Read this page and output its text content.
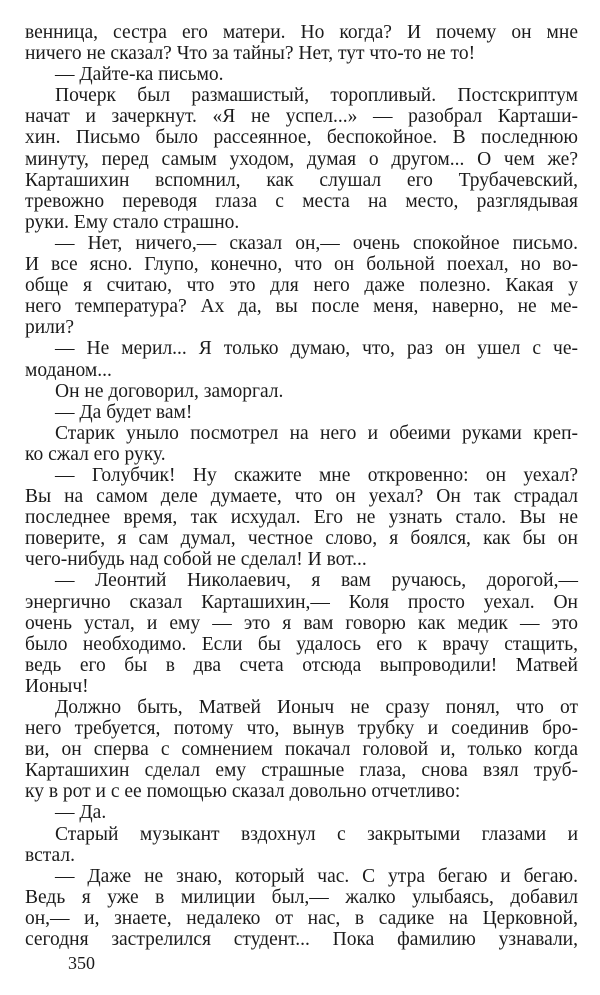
венница, сестра его матери. Но когда? И почему он мне
ничего не сказал? Что за тайны? Нет, тут что-то не то!
— Дайте-ка письмо.
Почерк был размашистый, торопливый. Постскриптум
начат и зачеркнут. «Я не успел...» — разобрал Карташи-
хин. Письмо было рассеянное, беспокойное. В последнюю
минуту, перед самым уходом, думая о другом... О чем же?
Карташихин вспомнил, как слушал его Трубачевский,
тревожно переводя глаза с места на место, разглядывая
руки. Ему стало страшно.
— Нет, ничего,— сказал он,— очень спокойное письмо.
И все ясно. Глупо, конечно, что он больной поехал, но во-
обще я считаю, что это для него даже полезно. Какая у
него температура? Ах да, вы после меня, наверно, не ме-
рили?
— Не мерил... Я только думаю, что, раз он ушел с че-
моданом...
Он не договорил, заморгал.
— Да будет вам!
Старик уныло посмотрел на него и обеими руками креп-
ко сжал его руку.
— Голубчик! Ну скажите мне откровенно: он уехал?
Вы на самом деле думаете, что он уехал? Он так страдал
последнее время, так исхудал. Его не узнать стало. Вы не
поверите, я сам думал, честное слово, я боялся, как бы он
чего-нибудь над собой не сделал! И вот...
— Леонтий Николаевич, я вам ручаюсь, дорогой,—
энергично сказал Карташихин,— Коля просто уехал. Он
очень устал, и ему — это я вам говорю как медик — это
было необходимо. Если бы удалось его к врачу стащить,
ведь его бы в два счета отсюда выпроводили! Матвей
Ионыч!
Должно быть, Матвей Ионыч не сразу понял, что от
него требуется, потому что, вынув трубку и соединив бро-
ви, он сперва с сомнением покачал головой и, только когда
Карташихин сделал ему страшные глаза, снова взял труб-
ку в рот и с ее помощью сказал довольно отчетливо:
— Да.
Старый музыкант вздохнул с закрытыми глазами и
встал.
— Даже не знаю, который час. С утра бегаю и бегаю.
Ведь я уже в милиции был,— жалко улыбаясь, добавил
он,— и, знаете, недалеко от нас, в садике на Церковной,
сегодня застрелился студент... Пока фамилию узнавали,
350
